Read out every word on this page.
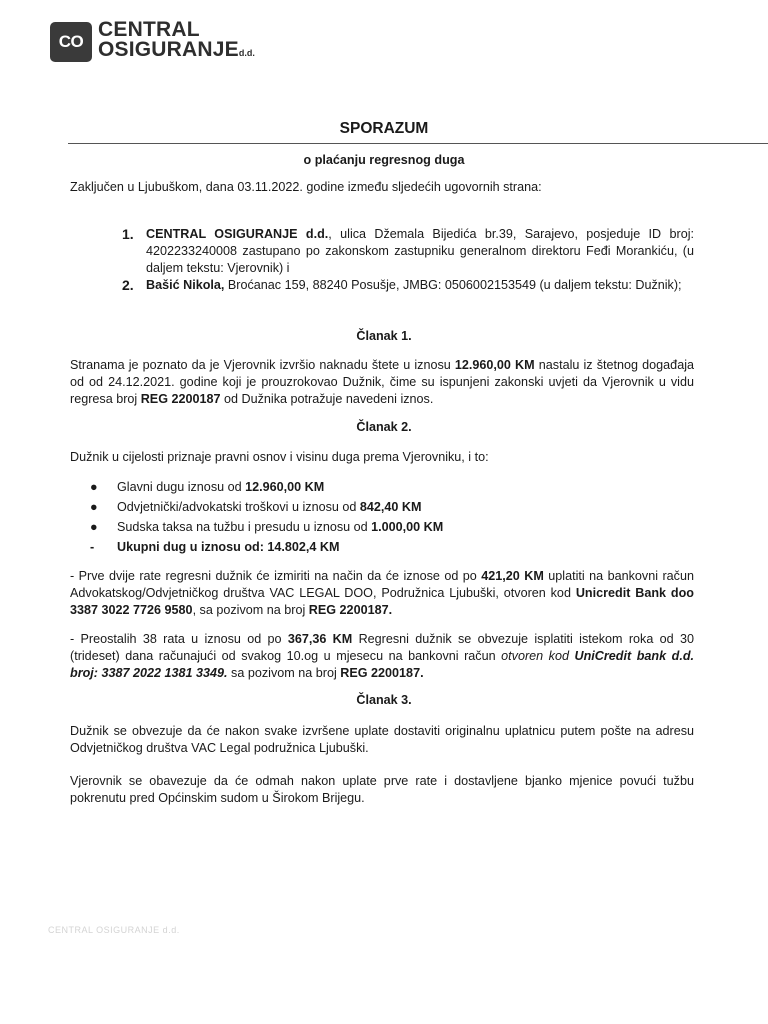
CO
CENTRAL
OSIGURANJEd.d.
SPORAZUM
o plaćanju regresnog duga
Zaključen u Ljubuškom, dana 03.11.2022. godine između sljedećih ugovornih strana:
1. CENTRAL OSIGURANJE d.d., ulica Džemala Bijedića br.39, Sarajevo, posjeduje ID broj: 4202233240008 zastupano po zakonskom zastupniku generalnom direktoru Feđi Morankiću, (u daljem tekstu: Vjerovnik) i
2. Bašić Nikola, Broćanac 159, 88240 Posušje, JMBG: 0506002153549 (u daljem tekstu: Dužnik);
Članak 1.
Stranama je poznato da je Vjerovnik izvršio naknadu štete u iznosu 12.960,00 KM nastalu iz štetnog događaja od od 24.12.2021. godine koji je prouzrokovao Dužnik, čime su ispunjeni zakonski uvjeti da Vjerovnik u vidu regresa broj REG 2200187 od Dužnika potražuje navedeni iznos.
Članak 2.
Dužnik u cijelosti priznaje pravni osnov i visinu duga prema Vjerovniku, i to:
● Glavni dugu iznosu od 12.960,00 KM
● Odvjetnički/advokatski troškovi u iznosu od 842,40 KM
● Sudska taksa na tužbu i presudu u iznosu od 1.000,00 KM
- Ukupni dug u iznosu od: 14.802,4 KM
- Prve dvije rate regresni dužnik će izmiriti na način da će iznose od po 421,20 KM uplatiti na bankovni račun Advokatskog/Odvjetničkog društva VAC LEGAL DOO, Podružnica Ljubuški, otvoren kod Unicredit Bank doo 3387 3022 7726 9580, sa pozivom na broj REG 2200187.
- Preostalih 38 rata u iznosu od po 367,36 KM Regresni dužnik se obvezuje isplatiti istekom roka od 30 (trideset) dana računajući od svakog 10.og u mjesecu na bankovni račun otvoren kod UniCredit bank d.d. broj: 3387 2022 1381 3349. sa pozivom na broj REG 2200187.
Članak 3.
Dužnik se obvezuje da će nakon svake izvršene uplate dostaviti originalnu uplatnicu putem pošte na adresu Odvjetničkog društva VAC Legal podružnica Ljubuški.
Vjerovnik se obavezuje da će odmah nakon uplate prve rate i dostavljene bjanko mjenice povući tužbu pokrenutu pred Općinskim sudom u Širokom Brijegu.
CENTRAL OSIGURANJE d.d.
